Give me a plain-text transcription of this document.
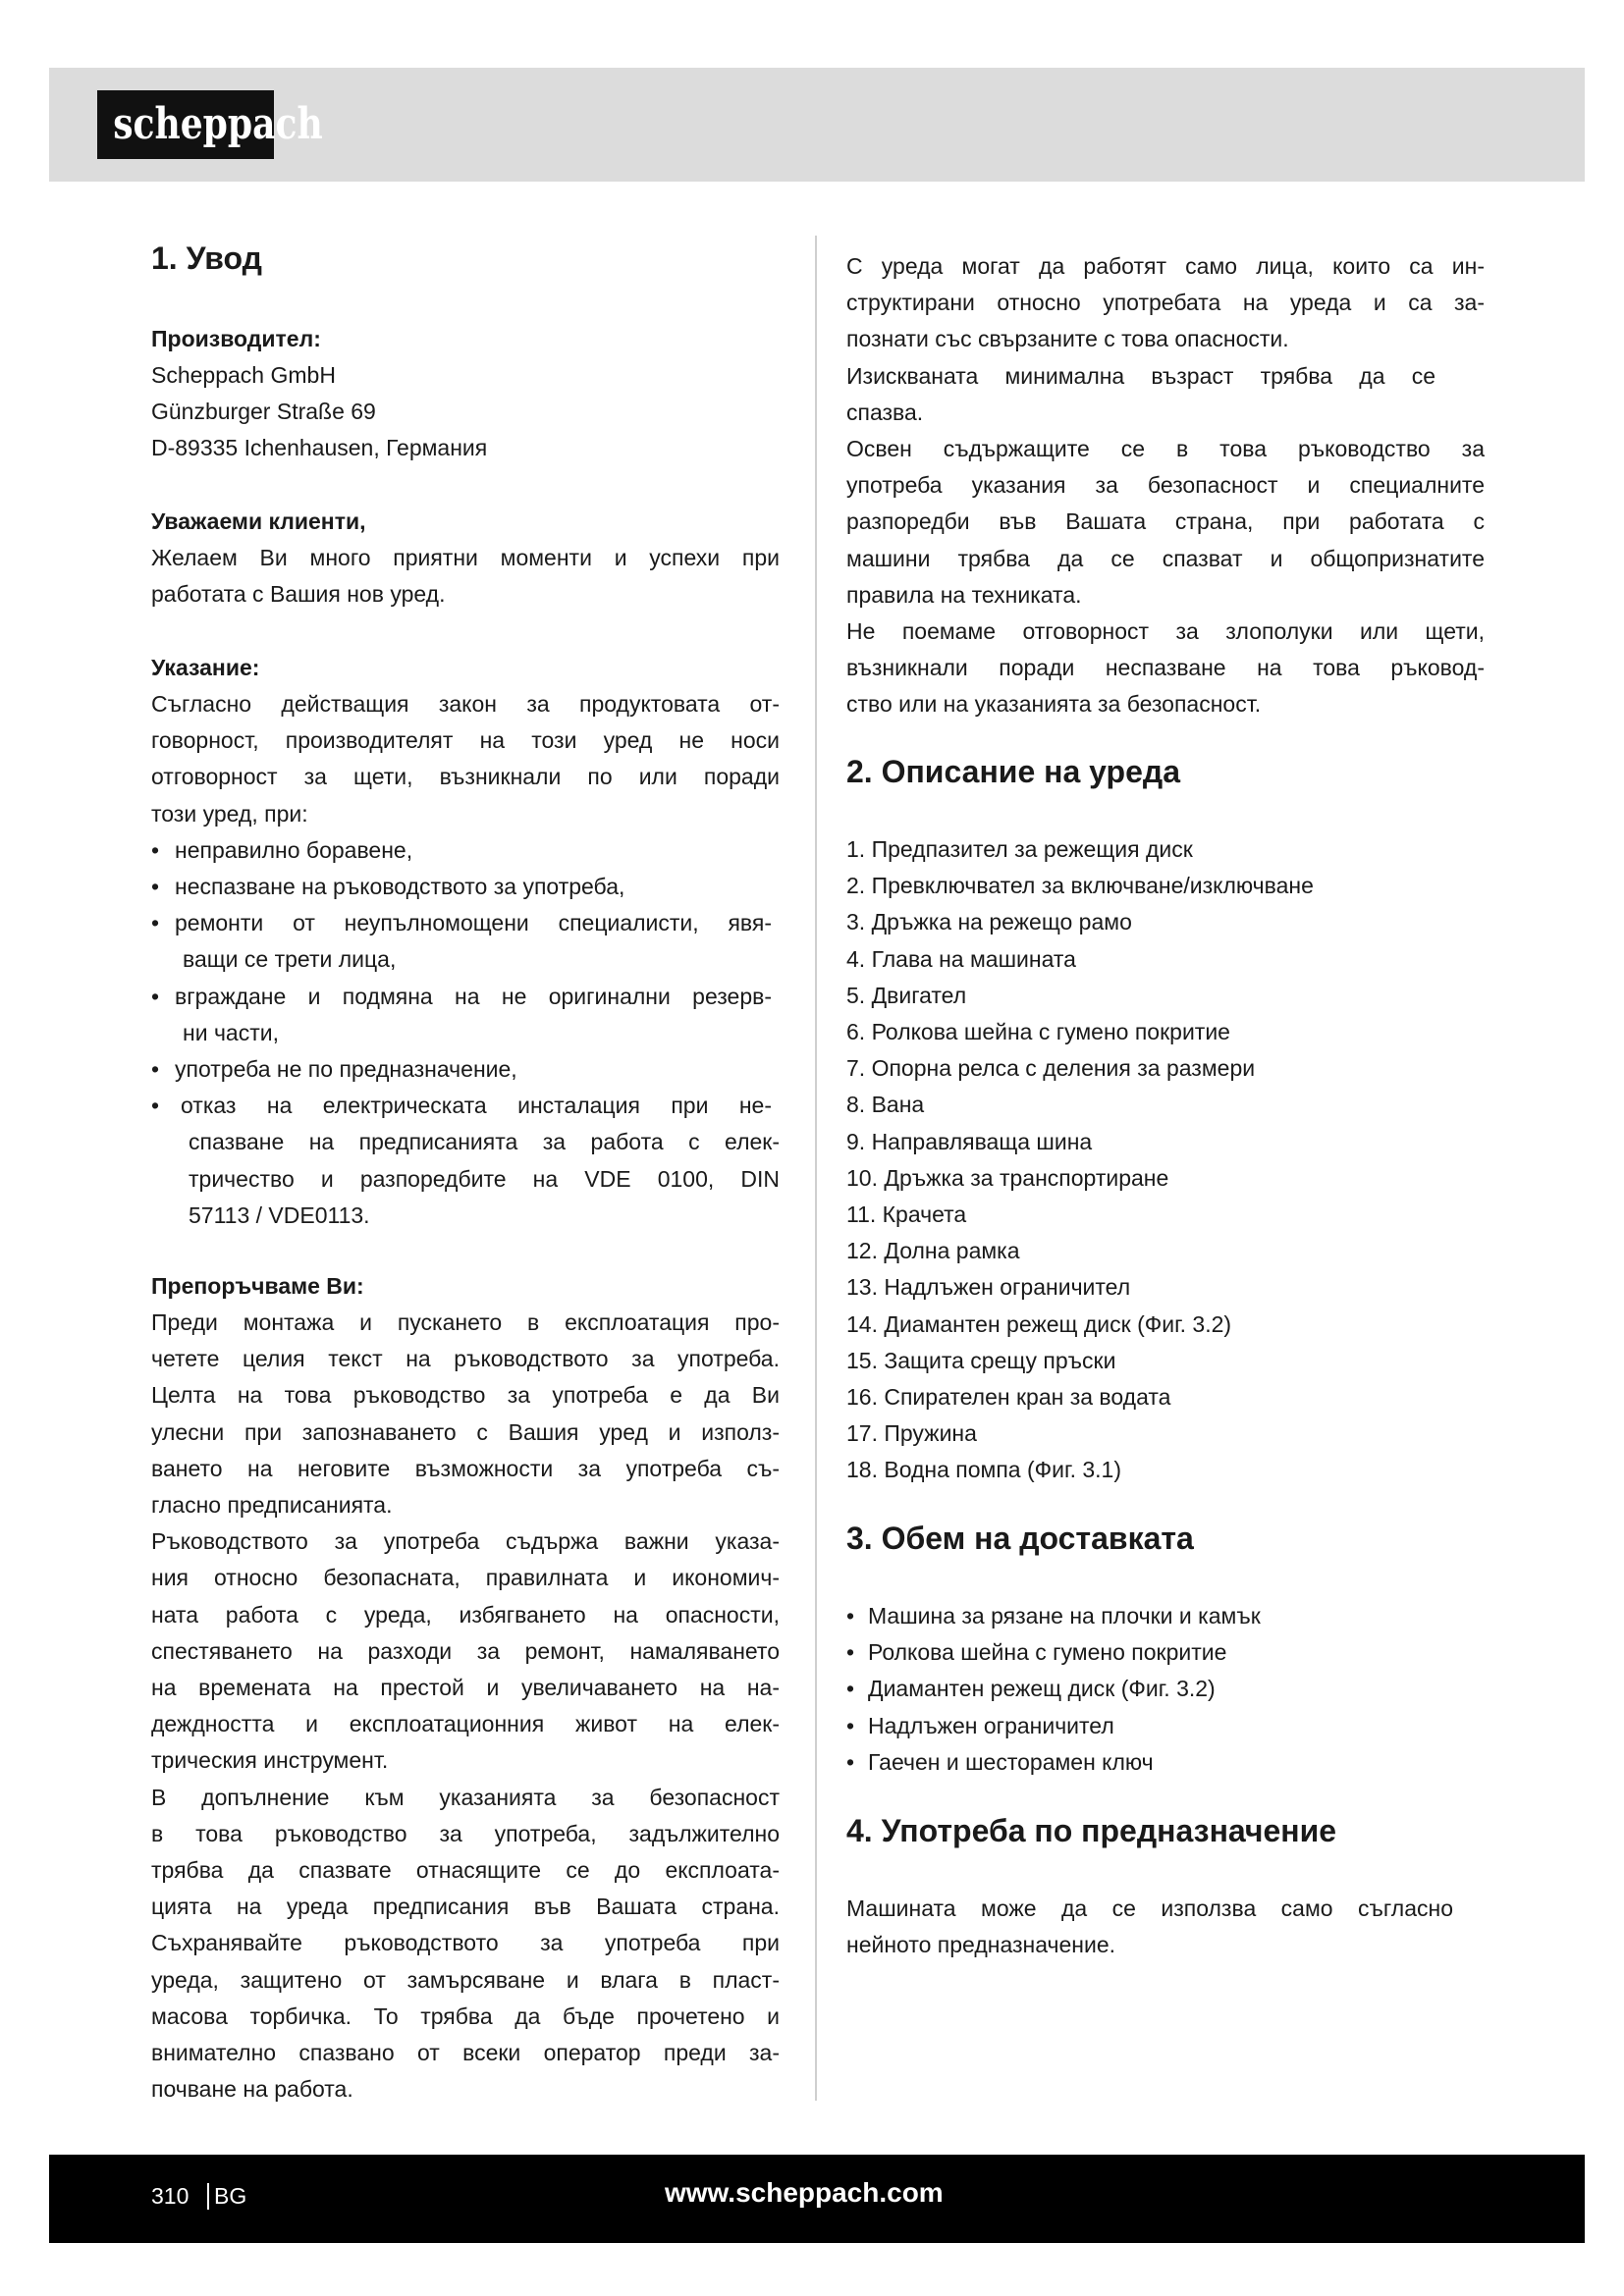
scheppach
1. Увод
Производител:
Scheppach GmbH
Günzburger Straße 69
D-89335 Ichenhausen, Германия
Уважаеми клиенти,
Желаем Ви много приятни моменти и успехи при
работата с Вашия нов уред.
Указание:
Съгласно действащия закон за продуктовата от-
говорност, производителят на този уред не носи
отговорност за щети, възникнали по или поради
този уред, при:
неправилно боравене,
•
неспазване на ръководството за употреба,
•
ремонти от неупълномощени специалисти, явя-
•
ващи се трети лица,
вграждане и подмяна на не оригинални резерв-
•
ни части,
употреба не по предназначение,
•
отказ на електрическата инсталация при не-
•
спазване на предписанията за работа с елек-
тричество и разпоредбите на VDE 0100, DIN
57113 / VDE0113.
Препоръчваме Ви:
Преди монтажа и пускането в експлоатация про-
четете целия текст на ръководството за употреба.
Целта на това ръководство за употреба е да Ви
улесни при запознаването с Вашия уред и използ-
ването на неговите възможности за употреба съ-
гласно предписанията.
Ръководството за употреба съдържа важни указа-
ния относно безопасната, правилната и икономич-
ната работа с уреда, избягването на опасности,
спестяването на разходи за ремонт, намаляването
на времената на престой и увеличаването на на-
деждността и експлоатационния живот на елек-
трическия инструмент.
В допълнение към указанията за безопасност
в това ръководство за употреба, задължително
трябва да спазвате отнасящите се до експлоата-
цията на уреда предписания във Вашата страна.
Съхранявайте ръководството за употреба при
уреда, защитено от замърсяване и влага в пласт-
масова торбичка. То трябва да бъде прочетено и
внимателно спазвано от всеки оператор преди за-
почване на работа.
С уреда могат да работят само лица, които са ин-
структирани относно употребата на уреда и са за-
познати със свързаните с това опасности.
Изискваната минимална възраст трябва да се
спазва.
Освен съдържащите се в това ръководство за
употреба указания за безопасност и специалните
разпоредби във Вашата страна, при работата с
машини трябва да се спазват и общопризнатите
правила на техниката.
Не поемаме отговорност за злополуки или щети,
възникнали поради неспазване на това ръковод-
ство или на указанията за безопасност.
2. Описание на уреда
1. Предпазител за режещия диск
2. Превключвател за включване/изключване
3. Дръжка на режещо рамо
4. Глава на машината
5. Двигател
6. Ролкова шейна с гумено покритие
7. Опорна релса с деления за размери
8. Вана
9. Направляваща шина
10. Дръжка за транспортиране
11. Крачета
12. Долна рамка
13. Надлъжен ограничител
14. Диамантен режещ диск (Фиг. 3.2)
15. Защита срещу пръски
16. Спирателен кран за водата
17. Пружина
18. Водна помпа (Фиг. 3.1)
3. Обем на доставката
• Машина за рязане на плочки и камък
• Ролкова шейна с гумено покритие
• Диамантен режещ диск (Фиг. 3.2)
• Надлъжен ограничител
• Гаечен и шесторамен ключ
4. Употреба по предназначение
Машината може да се използва само съгласно
нейното предназначение.
310 BG	www.scheppach.com
